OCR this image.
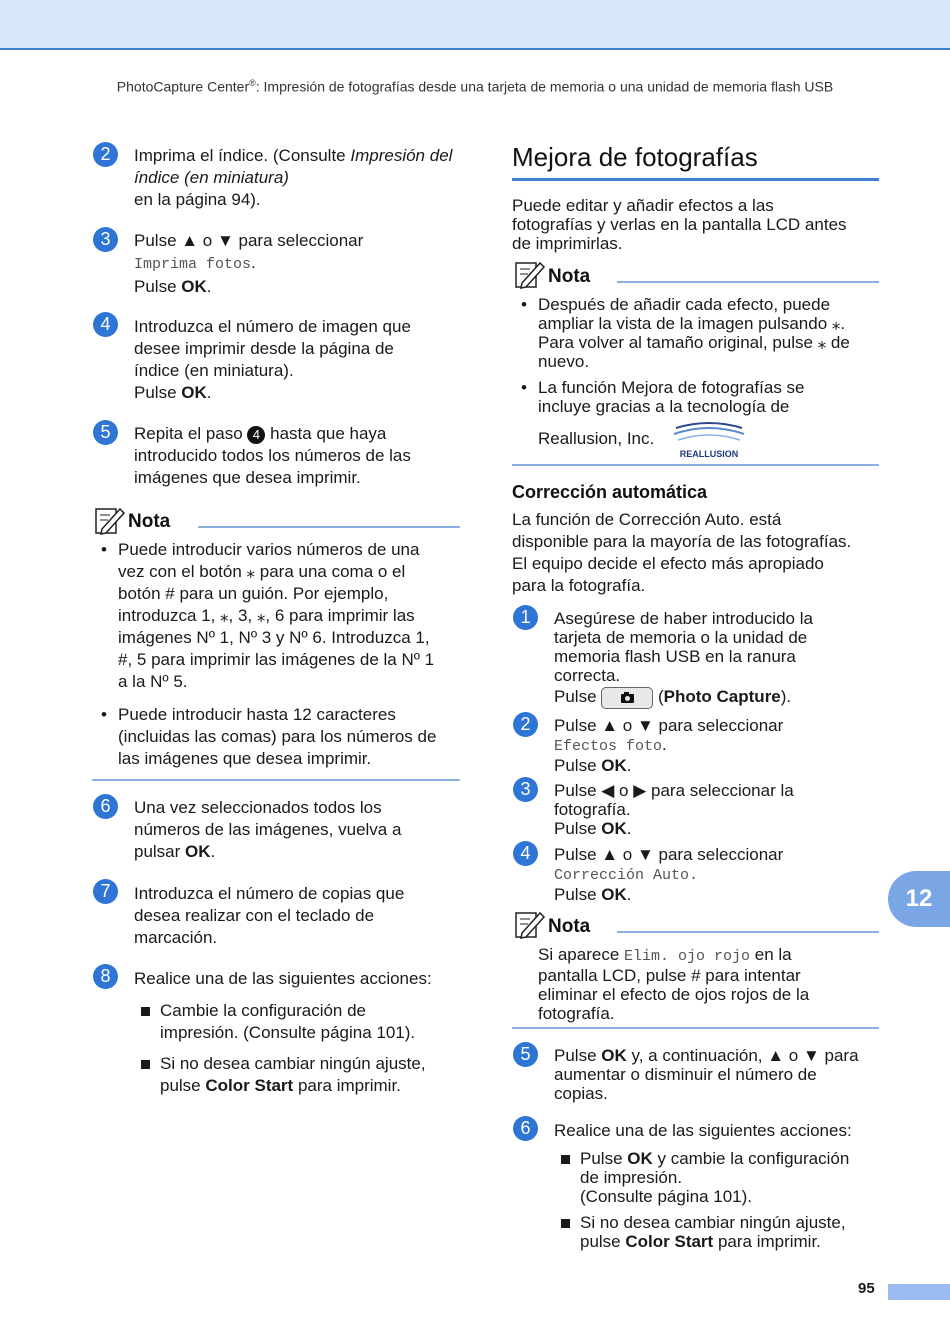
PhotoCapture Center®: Impresión de fotografías desde una tarjeta de memoria o una unidad de memoria flash USB
2	Imprima el índice. (Consulte Impresión del índice (en miniatura)
en la página 94).
3	Pulse ▲ o ▼ para seleccionar
Imprima fotos.
Pulse OK.
4	Introduzca el número de imagen que
desee imprimir desde la página de
índice (en miniatura).
Pulse OK.
5	Repita el paso 4 hasta que haya
introducido todos los números de las
imágenes que desea imprimir.
Nota
• Puede introducir varios números de una
vez con el botón ⁎ para una coma o el
botón # para un guión. Por ejemplo,
introduzca 1, ⁎, 3, ⁎, 6 para imprimir las
imágenes Nº 1, Nº 3 y Nº 6. Introduzca 1,
#, 5 para imprimir las imágenes de la Nº 1
a la Nº 5.
• Puede introducir hasta 12 caracteres
(incluidas las comas) para los números de
las imágenes que desea imprimir.
6	Una vez seleccionados todos los
números de las imágenes, vuelva a
pulsar OK.
7	Introduzca el número de copias que
desea realizar con el teclado de
marcación.
8	Realice una de las siguientes acciones:
Cambie la configuración de
impresión. (Consulte página 101).
Si no desea cambiar ningún ajuste,
pulse Color Start para imprimir.
Mejora de fotografías
Puede editar y añadir efectos a las
fotografías y verlas en la pantalla LCD antes
de imprimirlas.
Nota
• Después de añadir cada efecto, puede
ampliar la vista de la imagen pulsando ⁎.
Para volver al tamaño original, pulse ⁎ de
nuevo.
• La función Mejora de fotografías se
incluye gracias a la tecnología de
Reallusion, Inc.
REALLUSION
Corrección automática
La función de Corrección Auto. está
disponible para la mayoría de las fotografías.
El equipo decide el efecto más apropiado
para la fotografía.
1	Asegúrese de haber introducido la
tarjeta de memoria o la unidad de
memoria flash USB en la ranura
correcta.
Pulse	(Photo Capture).
2	Pulse ▲ o ▼ para seleccionar
Efectos foto.
Pulse OK.
3	Pulse ◀ o ▶ para seleccionar la
fotografía.
Pulse OK.
4	Pulse ▲ o ▼ para seleccionar
Corrección Auto.
Pulse OK.
Nota
Si aparece Elim. ojo rojo en la
pantalla LCD, pulse # para intentar
eliminar el efecto de ojos rojos de la
fotografía.
5	Pulse OK y, a continuación, ▲ o ▼ para
aumentar o disminuir el número de
copias.
6	Realice una de las siguientes acciones:
Pulse OK y cambie la configuración
de impresión.
(Consulte página 101).
Si no desea cambiar ningún ajuste,
pulse Color Start para imprimir.
12
95
